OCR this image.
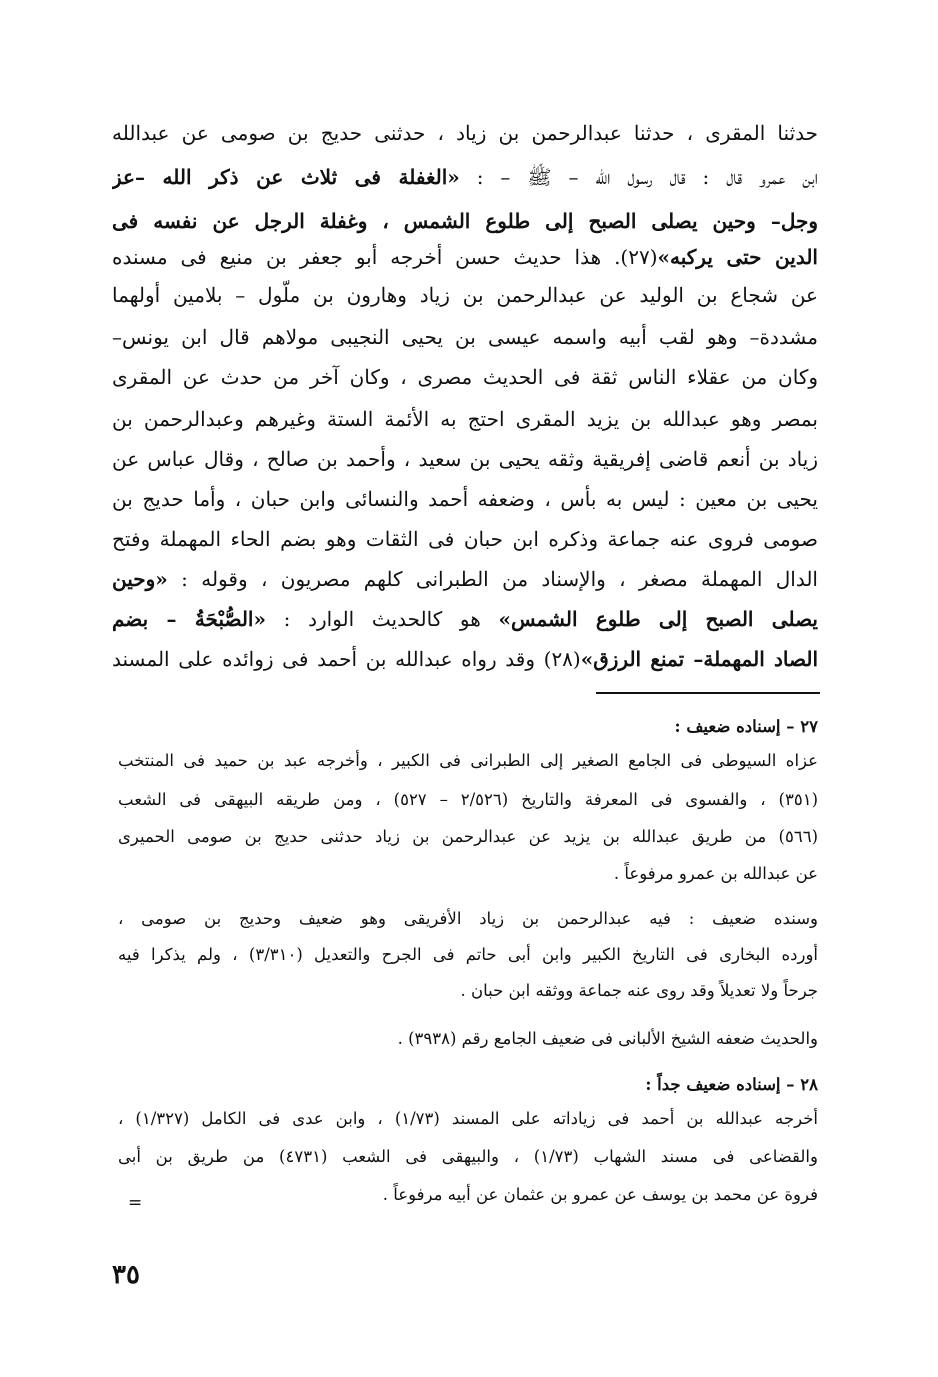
حدثنا المقرى ، حدثنا عبدالرحمن بن زياد ، حدثنى حديج بن صومى عن عبدالله
ابن عمرو قال : قال رسول الله – ﷺ – : «الغفلة فى ثلاث عن ذكر الله –عز
وجل– وحين يصلى الصبح إلى طلوع الشمس ، وغفلة الرجل عن نفسه فى
الدين حتى يركبه»(٢٧). هذا حديث حسن أخرجه أبو جعفر بن منيع فى مسنده
عن شجاع بن الوليد عن عبدالرحمن بن زياد وهارون بن ملّول – بلامين أولهما
مشددة– وهو لقب أبيه واسمه عيسى بن يحيى النجيبى مولاهم قال ابن يونس–
وكان من عقلاء الناس ثقة فى الحديث مصرى ، وكان آخر من حدث عن المقرى
بمصر وهو عبدالله بن يزيد المقرى احتج به الأئمة الستة وغيرهم وعبدالرحمن بن
زياد بن أنعم قاضى إفريقية وثقه يحيى بن سعيد ، وأحمد بن صالح ، وقال عباس عن
يحيى بن معين : ليس به بأس ، وضعفه أحمد والنسائى وابن حبان ، وأما حديج بن
صومى فروى عنه جماعة وذكره ابن حبان فى الثقات وهو بضم الحاء المهملة وفتح
الدال المهملة مصغر ، والإسناد من الطبرانى كلهم مصريون ، وقوله : «وحين
يصلى الصبح إلى طلوع الشمس» هو كالحديث الوارد : «الصُّبْحَةُ – بضم
الصاد المهملة– تمنع الرزق»(٢٨) وقد رواه عبدالله بن أحمد فى زوائده على المسند
٢٧ – إسناده ضعيف :
عزاه السيوطى فى الجامع الصغير إلى الطبرانى فى الكبير ، وأخرجه عبد بن حميد فى المنتخب
(٣٥١) ، والفسوى فى المعرفة والتاريخ (٢/٥٢٦ – ٥٢٧) ، ومن طريقه البيهقى فى الشعب
(٥٦٦) من طريق عبدالله بن يزيد عن عبدالرحمن بن زياد حدثنى حديج بن صومى الحميرى
عن عبدالله بن عمرو مرفوعاً .
وسنده ضعيف : فيه عبدالرحمن بن زياد الأفريقى وهو ضعيف وحديج بن صومى ،
أورده البخارى فى التاريخ الكبير وابن أبى حاتم فى الجرح والتعديل (٣/٣١٠) ، ولم يذكرا فيه
جرحاً ولا تعديلاً وقد روى عنه جماعة ووثقه ابن حبان .
والحديث ضعفه الشيخ الألبانى فى ضعيف الجامع رقم (٣٩٣٨) .
٢٨ – إسناده ضعيف جداً :
أخرجه عبدالله بن أحمد فى زياداته على المسند (١/٧٣) ، وابن عدى فى الكامل (١/٣٢٧) ،
والقضاعى فى مسند الشهاب (١/٧٣) ، والبيهقى فى الشعب (٤٧٣١) من طريق بن أبى
فروة عن محمد بن يوسف عن عمرو بن عثمان عن أبيه مرفوعاً .
=
٣٥
